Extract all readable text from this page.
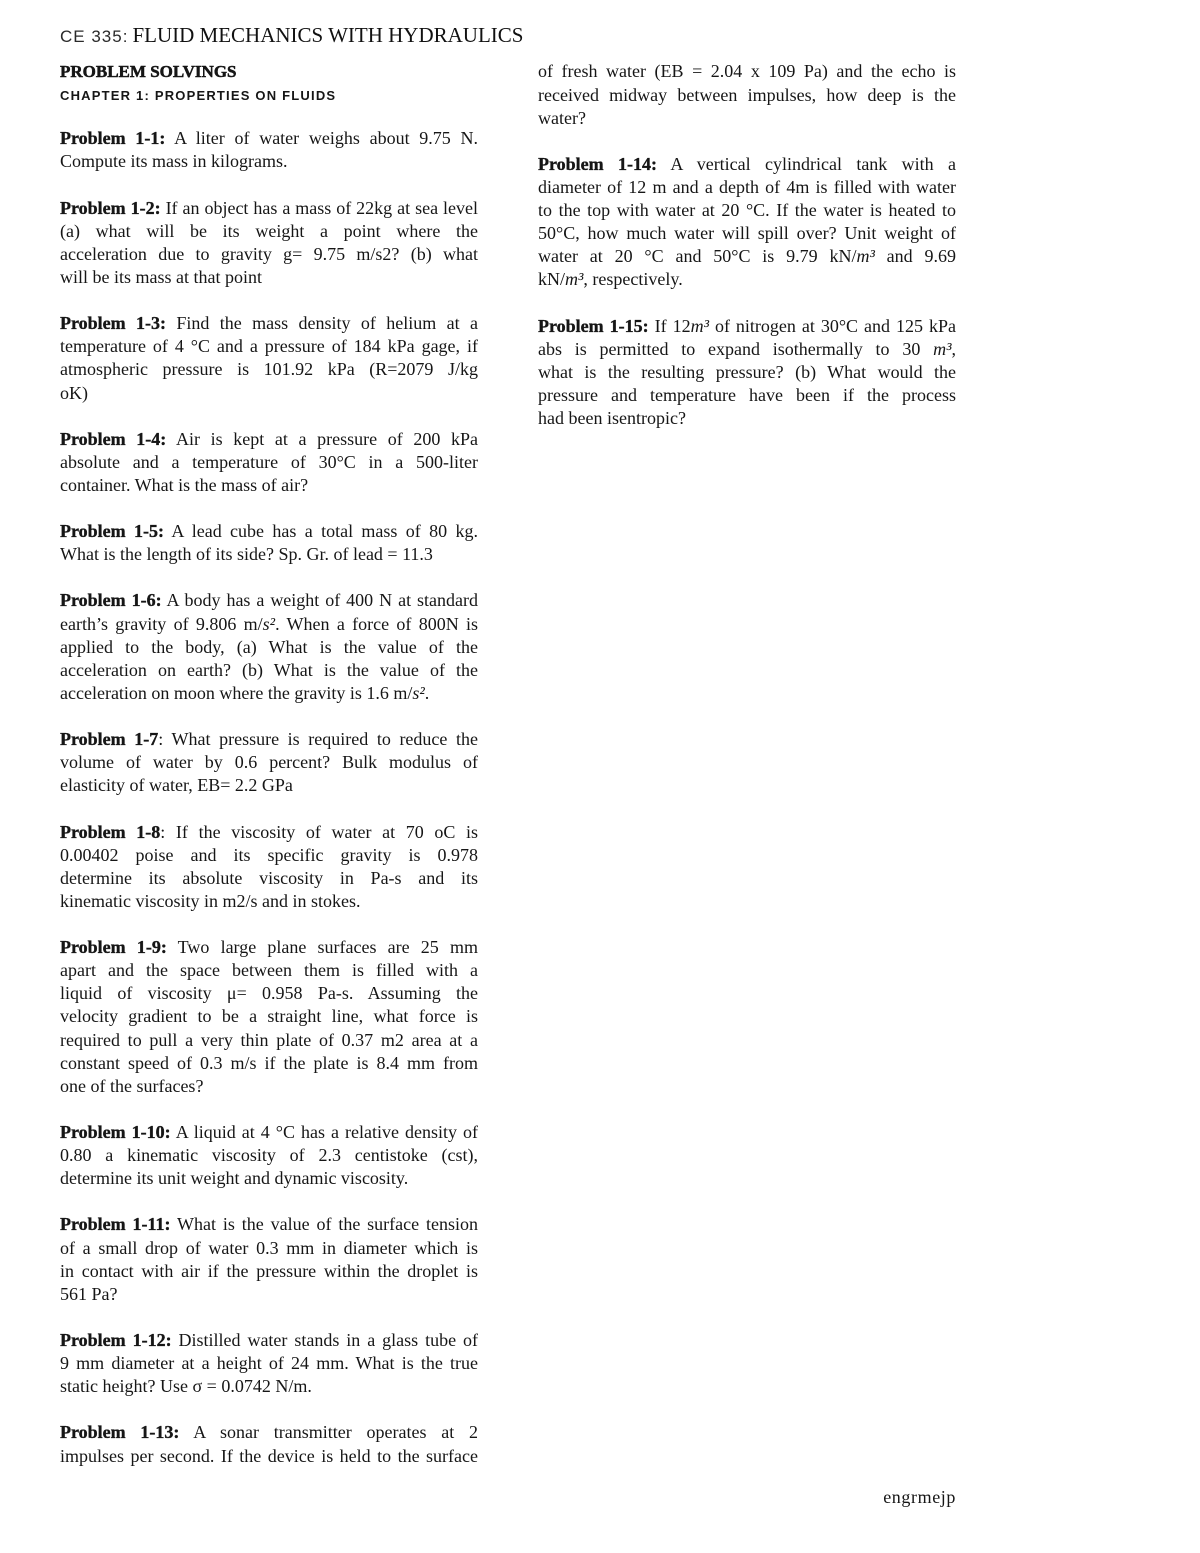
CE 335: FLUID MECHANICS WITH HYDRAULICS
PROBLEM SOLVINGS
CHAPTER 1: PROPERTIES ON FLUIDS
Problem 1-1: A liter of water weighs about 9.75 N.
Compute its mass in kilograms.
Problem 1-2: If an object has a mass of 22kg at sea level
(a) what will be its weight a point where the
acceleration due to gravity g= 9.75 m/s2? (b) what
will be its mass at that point
Problem 1-3: Find the mass density of helium at a
temperature of 4 °C and a pressure of 184 kPa gage, if
atmospheric pressure is 101.92 kPa (R=2079 J/kg
oK)
Problem 1-4: Air is kept at a pressure of 200 kPa
absolute and a temperature of 30°C in a 500-liter
container. What is the mass of air?
Problem 1-5: A lead cube has a total mass of 80 kg.
What is the length of its side? Sp. Gr. of lead = 11.3
Problem 1-6: A body has a weight of 400 N at standard
earth’s gravity of 9.806 m/s². When a force of 800N is
applied to the body, (a) What is the value of the
acceleration on earth? (b) What is the value of the
acceleration on moon where the gravity is 1.6 m/s².
Problem 1-7: What pressure is required to reduce the
volume of water by 0.6 percent? Bulk modulus of
elasticity of water, EB= 2.2 GPa
Problem 1-8: If the viscosity of water at 70 oC is
0.00402 poise and its specific gravity is 0.978
determine its absolute viscosity in Pa-s and its
kinematic viscosity in m2/s and in stokes.
Problem 1-9: Two large plane surfaces are 25 mm
apart and the space between them is filled with a
liquid of viscosity μ= 0.958 Pa-s. Assuming the
velocity gradient to be a straight line, what force is
required to pull a very thin plate of 0.37 m2 area at a
constant speed of 0.3 m/s if the plate is 8.4 mm from
one of the surfaces?
Problem 1-10: A liquid at 4 °C has a relative density of
0.80 a kinematic viscosity of 2.3 centistoke (cst),
determine its unit weight and dynamic viscosity.
Problem 1-11: What is the value of the surface tension
of a small drop of water 0.3 mm in diameter which is
in contact with air if the pressure within the droplet is
561 Pa?
Problem 1-12: Distilled water stands in a glass tube of
9 mm diameter at a height of 24 mm. What is the true
static height? Use σ = 0.0742 N/m.
Problem 1-13: A sonar transmitter operates at 2
impulses per second. If the device is held to the surface
of fresh water (EB = 2.04 x 109 Pa) and the echo is
received midway between impulses, how deep is the
water?
Problem 1-14: A vertical cylindrical tank with a
diameter of 12 m and a depth of 4m is filled with water
to the top with water at 20 °C. If the water is heated to
50°C, how much water will spill over? Unit weight of
water at 20 °C and 50°C is 9.79 kN/m³ and 9.69
kN/m³, respectively.
Problem 1-15: If 12m³ of nitrogen at 30°C and 125 kPa
abs is permitted to expand isothermally to 30 m³,
what is the resulting pressure? (b) What would the
pressure and temperature have been if the process
had been isentropic?
engrmejp
